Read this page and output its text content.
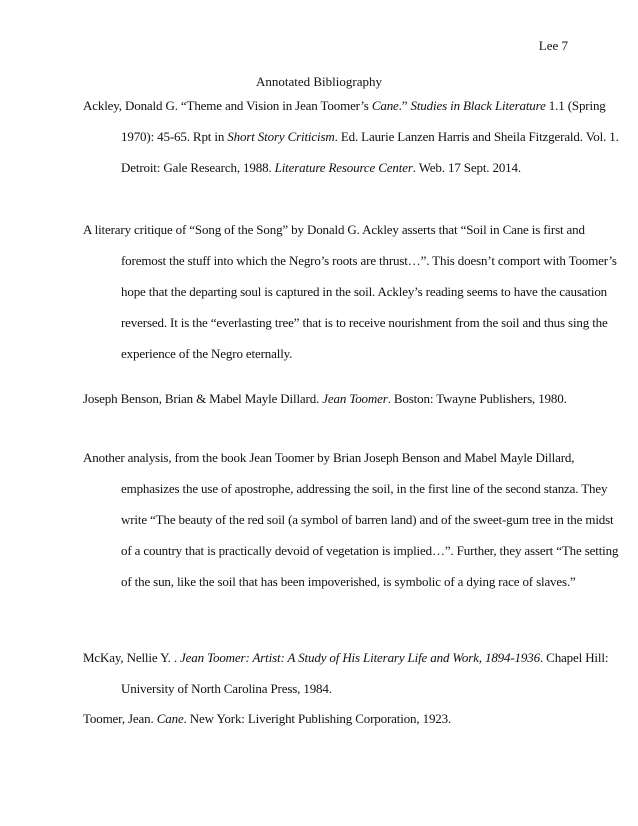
Lee 7
Annotated Bibliography
Ackley, Donald G. “Theme and Vision in Jean Toomer’s Cane.” Studies in Black Literature 1.1 (Spring 1970): 45-65. Rpt in Short Story Criticism. Ed. Laurie Lanzen Harris and Sheila Fitzgerald. Vol. 1. Detroit: Gale Research, 1988. Literature Resource Center. Web. 17 Sept. 2014.
A literary critique of “Song of the Song” by Donald G. Ackley asserts that “Soil in Cane is first and foremost the stuff into which the Negro’s roots are thrust…”. This doesn’t comport with Toomer’s hope that the departing soul is captured in the soil. Ackley’s reading seems to have the causation reversed. It is the “everlasting tree” that is to receive nourishment from the soil and thus sing the experience of the Negro eternally.
Joseph Benson, Brian & Mabel Mayle Dillard. Jean Toomer. Boston: Twayne Publishers, 1980.
Another analysis, from the book Jean Toomer by Brian Joseph Benson and Mabel Mayle Dillard, emphasizes the use of apostrophe, addressing the soil, in the first line of the second stanza. They write “The beauty of the red soil (a symbol of barren land) and of the sweet-gum tree in the midst of a country that is practically devoid of vegetation is implied…”. Further, they assert “The setting of the sun, like the soil that has been impoverished, is symbolic of a dying race of slaves.”
McKay, Nellie Y. . Jean Toomer: Artist: A Study of His Literary Life and Work, 1894-1936. Chapel Hill: University of North Carolina Press, 1984.
Toomer, Jean. Cane. New York: Liveright Publishing Corporation, 1923.
